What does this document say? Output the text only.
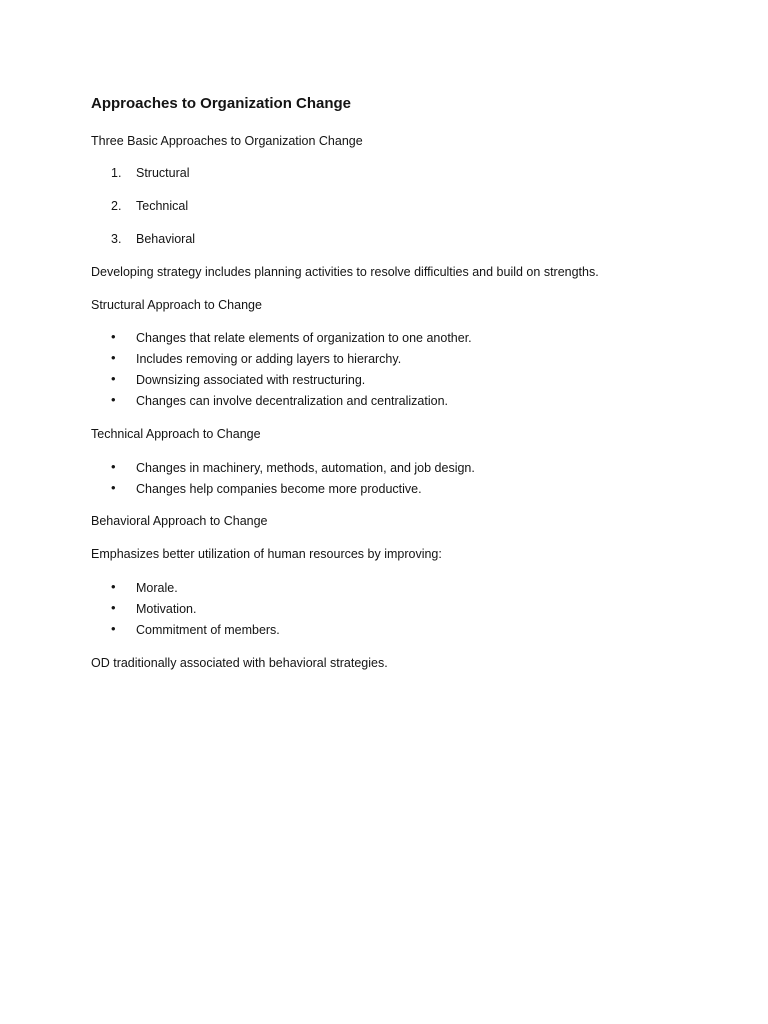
Approaches to Organization Change
Three Basic Approaches to Organization Change
1. Structural
2. Technical
3. Behavioral
Developing strategy includes planning activities to resolve difficulties and build on strengths.
Structural Approach to Change
• Changes that relate elements of organization to one another.
• Includes removing or adding layers to hierarchy.
• Downsizing associated with restructuring.
• Changes can involve decentralization and centralization.
Technical Approach to Change
• Changes in machinery, methods, automation, and job design.
• Changes help companies become more productive.
Behavioral Approach to Change
Emphasizes better utilization of human resources by improving:
• Morale.
• Motivation.
• Commitment of members.
OD traditionally associated with behavioral strategies.
